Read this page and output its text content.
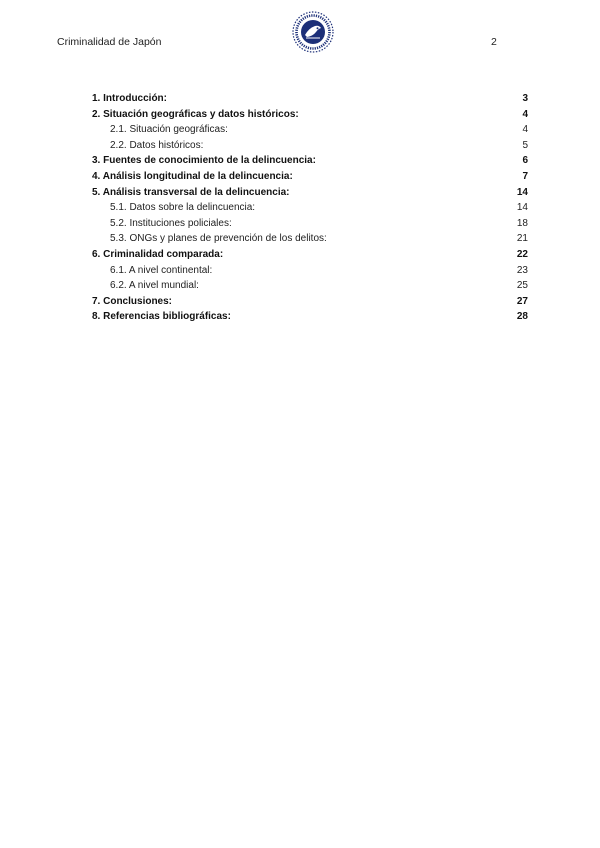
Criminalidad de Japón	2
1. Introducción:	3
2. Situación geográficas y datos históricos:	4
2.1. Situación geográficas:	4
2.2. Datos históricos:	5
3. Fuentes de conocimiento de la delincuencia:	6
4. Análisis longitudinal de la delincuencia:	7
5. Análisis transversal de la delincuencia:	14
5.1. Datos sobre la delincuencia:	14
5.2. Instituciones policiales:	18
5.3. ONGs y planes de prevención de los delitos:	21
6. Criminalidad comparada:	22
6.1. A nivel continental:	23
6.2. A nivel mundial:	25
7. Conclusiones:	27
8. Referencias bibliográficas:	28
